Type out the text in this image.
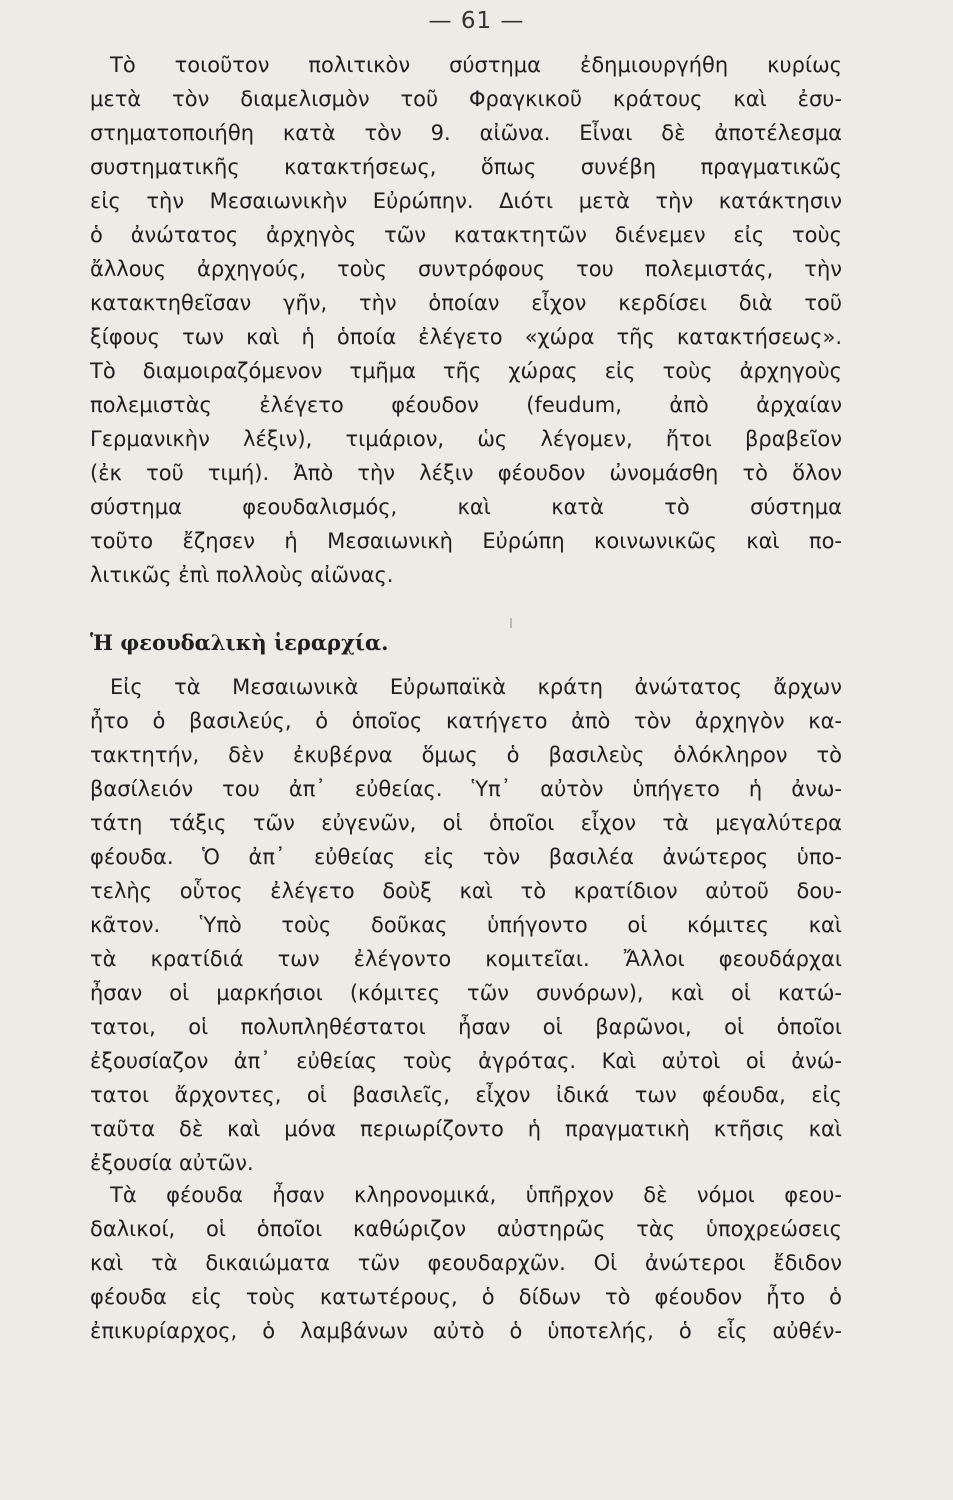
— 61 —
Τὸ τοιοῦτον πολιτικὸν σύστημα ἐδημιουργήθη κυρίως
μετὰ τὸν διαμελισμὸν τοῦ Φραγκικοῦ κράτους καὶ ἐσυ-
στηματοποιήθη κατὰ τὸν 9. αἰῶνα. Εἶναι δὲ ἀποτέλεσμα
συστηματικῆς κατακτήσεως, ὅπως συνέβη πραγματικῶς
εἰς τὴν Μεσαιωνικὴν Εὐρώπην. Διότι μετὰ τὴν κατάκτησιν
ὁ ἀνώτατος ἀρχηγὸς τῶν κατακτητῶν διένεμεν εἰς τοὺς
ἄλλους ἀρχηγούς, τοὺς συντρόφους του πολεμιστάς, τὴν
κατακτηθεῖσαν γῆν, τὴν ὁποίαν εἶχον κερδίσει διὰ τοῦ
ξίφους των καὶ ἡ ὁποία ἐλέγετο «χώρα τῆς κατακτήσεως».
Τὸ διαμοιραζόμενον τμῆμα τῆς χώρας εἰς τοὺς ἀρχηγοὺς
πολεμιστὰς ἐλέγετο φέουδον (feudum, ἀπὸ ἀρχαίαν
Γερμανικὴν λέξιν), τιμάριον, ὡς λέγομεν, ἤτοι βραβεῖον
(ἐκ τοῦ τιμή). Ἀπὸ τὴν λέξιν φέουδον ὠνομάσθη τὸ ὅλον
σύστημα φεουδαλισμός, καὶ κατὰ τὸ σύστημα
τοῦτο ἔζησεν ἡ Μεσαιωνικὴ Εὐρώπη κοινωνικῶς καὶ πο-
λιτικῶς ἐπὶ πολλοὺς αἰῶνας.
Ἡ φεουδαλικὴ ἱεραρχία.
Εἰς τὰ Μεσαιωνικὰ Εὐρωπαϊκὰ κράτη ἀνώτατος ἄρχων
ἦτο ὁ βασιλεύς, ὁ ὁποῖος κατήγετο ἀπὸ τὸν ἀρχηγὸν κα-
τακτητήν, δὲν ἐκυβέρνα ὅμως ὁ βασιλεὺς ὁλόκληρον τὸ
βασίλειόν του ἀπ᾽ εὐθείας. Ὑπ᾽ αὐτὸν ὑπήγετο ἡ ἀνω-
τάτη τάξις τῶν εὐγενῶν, οἱ ὁποῖοι εἶχον τὰ μεγαλύτερα
φέουδα. Ὁ ἀπ᾽ εὐθείας εἰς τὸν βασιλέα ἀνώτερος ὑπο-
τελὴς οὗτος ἐλέγετο δοὺξ καὶ τὸ κρατίδιον αὐτοῦ δου-
κᾶτον. Ὑπὸ τοὺς δοῦκας ὑπήγοντο οἱ κόμιτες καὶ
τὰ κρατίδιά των ἐλέγοντο κομιτεῖαι. Ἄλλοι φεουδάρχαι
ἦσαν οἱ μαρκήσιοι (κόμιτες τῶν συνόρων), καὶ οἱ κατώ-
τατοι, οἱ πολυπληθέστατοι ἦσαν οἱ βαρῶνοι, οἱ ὁποῖοι
ἐξουσίαζον ἀπ᾽ εὐθείας τοὺς ἀγρότας. Καὶ αὐτοὶ οἱ ἀνώ-
τατοι ἄρχοντες, οἱ βασιλεῖς, εἶχον ἰδικά των φέουδα, εἰς
ταῦτα δὲ καὶ μόνα περιωρίζοντο ἡ πραγματικὴ κτῆσις καὶ
ἐξουσία αὐτῶν.
Τὰ φέουδα ἦσαν κληρονομικά, ὑπῆρχον δὲ νόμοι φεου-
δαλικοί, οἱ ὁποῖοι καθώριζον αὐστηρῶς τὰς ὑποχρεώσεις
καὶ τὰ δικαιώματα τῶν φεουδαρχῶν. Οἱ ἀνώτεροι ἔδιδον
φέουδα εἰς τοὺς κατωτέρους, ὁ δίδων τὸ φέουδον ἦτο ὁ
ἐπικυρίαρχος, ὁ λαμβάνων αὐτὸ ὁ ὑποτελής, ὁ εἷς αὐθέν-
